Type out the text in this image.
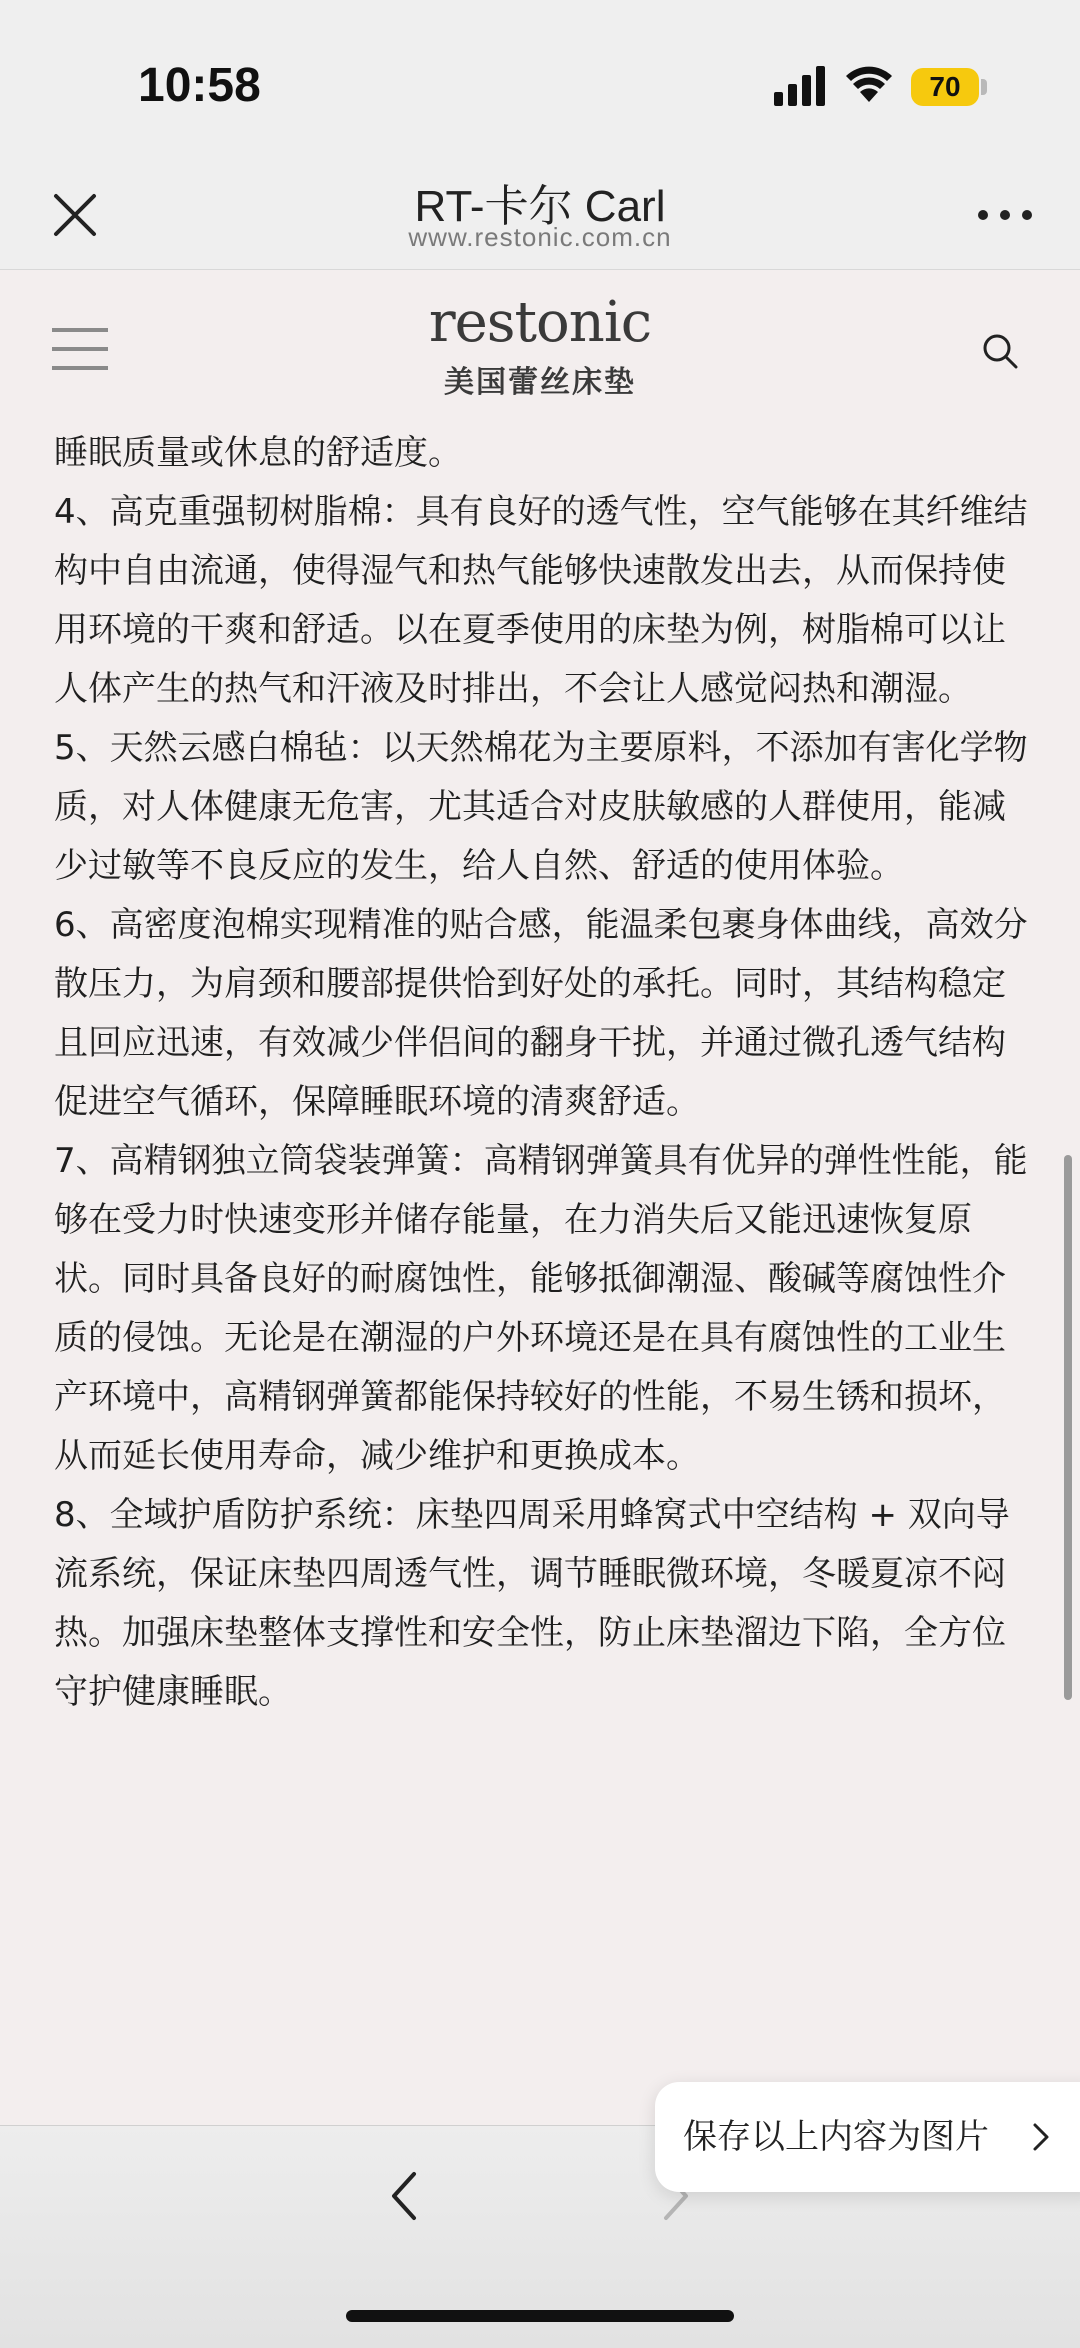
10:58	70
RT-卡尔 Carl
www.restonic.com.cn
restonic
美国蕾丝床垫

睡眠质量或休息的舒适度。

4、高克重强韧树脂棉：具有良好的透气性，空气能够在其纤维结构中自由流通，使得湿气和热气能够快速散发出去，从而保持使用环境的干爽和舒适。以在夏季使用的床垫为例，树脂棉可以让人体产生的热气和汗液及时排出，不会让人感觉闷热和潮湿。

5、天然云感白棉毡：以天然棉花为主要原料，不添加有害化学物质，对人体健康无危害，尤其适合对皮肤敏感的人群使用，能减少过敏等不良反应的发生，给人自然、舒适的使用体验。

6、高密度泡棉实现精准的贴合感，能温柔包裹身体曲线，高效分散压力，为肩颈和腰部提供恰到好处的承托。同时，其结构稳定且回应迅速，有效减少伴侣间的翻身干扰，并通过微孔透气结构促进空气循环，保障睡眠环境的清爽舒适。

7、高精钢独立筒袋装弹簧：高精钢弹簧具有优异的弹性性能，能够在受力时快速变形并储存能量，在力消失后又能迅速恢复原状。同时具备良好的耐腐蚀性，能够抵御潮湿、酸碱等腐蚀性介质的侵蚀。无论是在潮湿的户外环境还是在具有腐蚀性的工业生产环境中，高精钢弹簧都能保持较好的性能，不易生锈和损坏，从而延长使用寿命，减少维护和更换成本。

8、全域护盾防护系统：床垫四周采用蜂窝式中空结构 + 双向导流系统，保证床垫四周透气性，调节睡眠微环境，冬暖夏凉不闷热。加强床垫整体支撑性和安全性，防止床垫溜边下陷，全方位守护健康睡眠。

保存以上内容为图片
